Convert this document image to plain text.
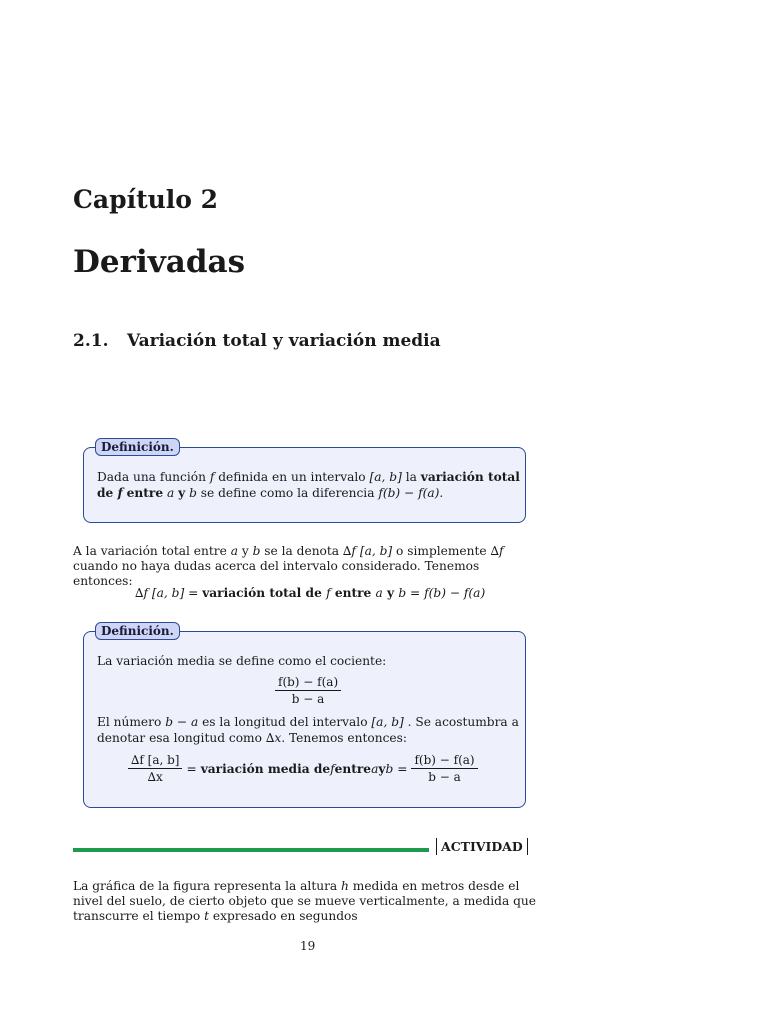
Capítulo 2
Derivadas
2.1. Variación total y variación media
Definición.

Dada una función f definida en un intervalo [a, b] la variación total de f entre a y b se define como la diferencia f(b) − f(a).

A la variación total entre a y b se la denota ∆f [a, b] o simplemente ∆f cuando no haya dudas acerca del intervalo considerado. Tenemos entonces:
∆f [a, b] = variación total de f entre a y b = f(b) − f(a)
Definición.

La variación media se define como el cociente:

El número b − a es la longitud del intervalo [a, b] . Se acostumbra a denotar esa longitud como ∆x. Tenemos entonces:

$\frac{f(b) - f(a)}{b - a}$
$\frac{\Delta f [a, b]}{\Delta x}$ = variación media de f entre a y $b = \frac{f(b) - f(a)}{b - a}$
ACTIVIDAD
La gráfica de la figura representa la altura h medida en metros desde el nivel del suelo, de cierto objeto que se mueve verticalmente, a medida que transcurre el tiempo t expresado en segundos
19
